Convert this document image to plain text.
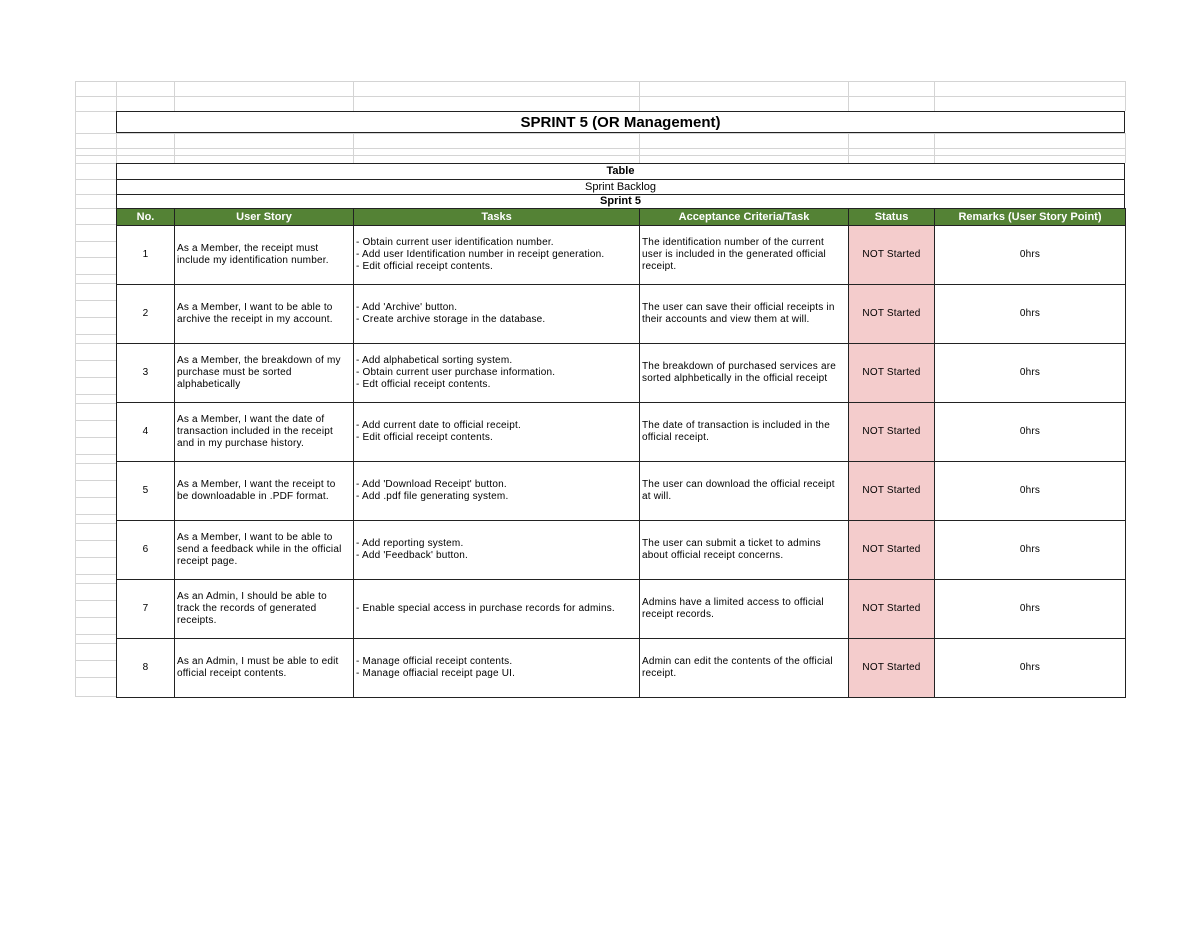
SPRINT 5 (OR Management)
Table
Sprint Backlog
Sprint 5
No.	User Story	Tasks	Acceptance Criteria/Task	Status	Remarks (User Story Point)
1	As a Member, the receipt must
include my identification number.	- Obtain current user identification number.
- Add user Identification number in receipt generation.
- Edit official receipt contents.	The identification number of the current
user is included in the generated official
receipt.	NOT Started	0hrs
2	As a Member, I want to be able to
archive the receipt in my account.	- Add 'Archive' button.
- Create archive storage in the database.	The user can save their official receipts in
their accounts and view them at will.	NOT Started	0hrs
3	As a Member, the breakdown of my
purchase must be sorted
alphabetically	- Add alphabetical sorting system.
- Obtain current user purchase information.
- Edt official receipt contents.	The breakdown of purchased services are
sorted alphbetically in the official receipt	NOT Started	0hrs
4	As a Member, I want the date of
transaction included in the receipt
and in my purchase history.	- Add current date to official receipt.
- Edit official receipt contents.	The date of transaction is included in the
official receipt.	NOT Started	0hrs
5	As a Member, I want the receipt to
be downloadable in .PDF format.	- Add 'Download Receipt' button.
- Add .pdf file generating system.	The user can download the official receipt
at will.	NOT Started	0hrs
6	As a Member, I want to be able to
send a feedback while in the official
receipt page.	- Add reporting system.
- Add 'Feedback' button.	The user can submit a ticket to admins
about official receipt concerns.	NOT Started	0hrs
7	As an Admin, I should be able to
track the records of generated
receipts.	- Enable special access in purchase records for admins.	Admins have a limited access to official
receipt records.	NOT Started	0hrs
8	As an Admin, I must be able to edit
official receipt contents.	- Manage official receipt contents.
- Manage offiacial receipt page UI.	Admin can edit the contents of the official
receipt.	NOT Started	0hrs
